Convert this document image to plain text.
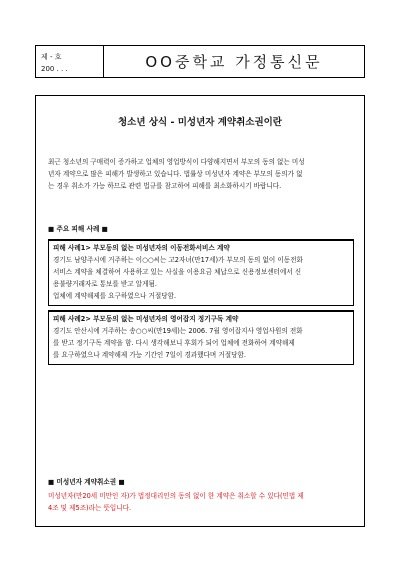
제 - 호
200 . . .	OO중학교 가정통신문
청소년 상식 - 미성년자 계약취소권이란
최근 청소년의 구매력이 증가하고 업체의 영업방식이 다양해지면서 부모의 동의 없는 미성
년자 계약으로 많은 피해가 발생하고 있습니다. 법률상 미성년자 계약은 부모의 동의가 없
는 경우 취소가 가능 하므로 관련 법규를 참고하여 피해를 최소화하시기 바랍니다.
■ 주요 피해 사례 ■
피해 사례1> 부모동의 없는 미성년자의 이동전화서비스 계약
경기도 남양주시에 거주하는 이○○씨는 고2자녀(만17세)가 부모의 동의 없이 이동전화
서비스 계약을 체결하여 사용하고 있는 사실을 이용요금 체납으로 신용정보센터에서 신
용불량거래자로 통보를 받고 알게됨.
업체에 계약해제를 요구하였으나 거절당함.
피해 사례2> 부모동의 없는 미성년자의 영어잡지 정기구독 계약
경기도 안산시에 거주하는 송○○씨(만19세)는 2006. 7월 영어잡지사 영업사원의 전화
를 받고 정기구독 계약을 함. 다시 생각해보니 후회가 되어 업체에 전화하여 계약해제
를 요구하였으나 계약해제 가능 기간인 7일이 경과했다며 거절당함.
■ 미성년자 계약취소권 ■
미성년자(만20세 미만인 자)가 법정대리인의 동의 없이 한 계약은 취소할 수 있다(민법 제
4조 및 제5조)라는 뜻입니다.
